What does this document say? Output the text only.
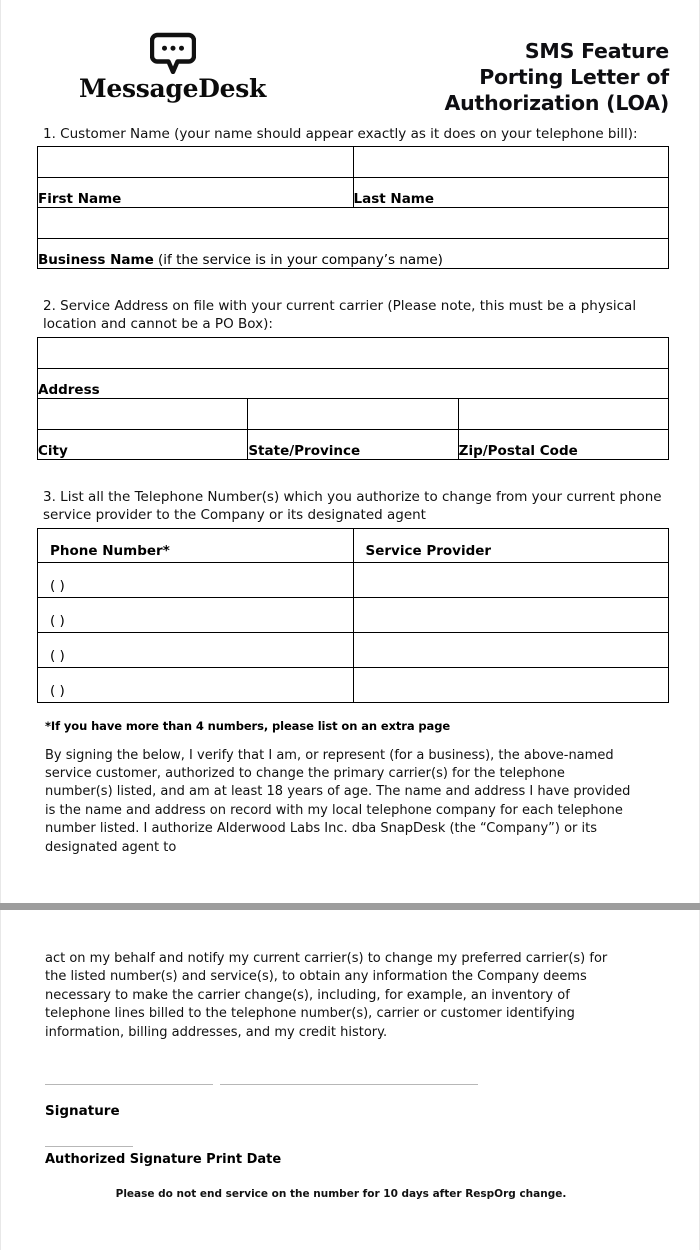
MessageDesk
SMS Feature
Porting Letter of
Authorization (LOA)
1. Customer Name (your name should appear exactly as it does on your telephone bill):

First Name	Last Name

Business Name (if the service is in your company’s name)	
2. Service Address on file with your current carrier (Please note, this must be a physical location and cannot be a PO Box):

Address		

City	State/Province	Zip/Postal Code
3. List all the Telephone Number(s) which you authorize to change from your current phone service provider to the Company or its designated agent
Phone Number*	Service Provider
( )	
( )	
( )	
( )	
*If you have more than 4 numbers, please list on an extra page
By signing the below, I verify that I am, or represent (for a business), the above-named service customer, authorized to change the primary carrier(s) for the telephone number(s) listed, and am at least 18 years of age. The name and address I have provided is the name and address on record with my local telephone company for each telephone number listed. I authorize Alderwood Labs Inc. dba SnapDesk (the “Company”) or its designated agent to
act on my behalf and notify my current carrier(s) to change my preferred carrier(s) for the listed number(s) and service(s), to obtain any information the Company deems necessary to make the carrier change(s), including, for example, an inventory of telephone lines billed to the telephone number(s), carrier or customer identifying information, billing addresses, and my credit history.
Signature
Authorized Signature Print Date
Please do not end service on the number for 10 days after RespOrg change.
